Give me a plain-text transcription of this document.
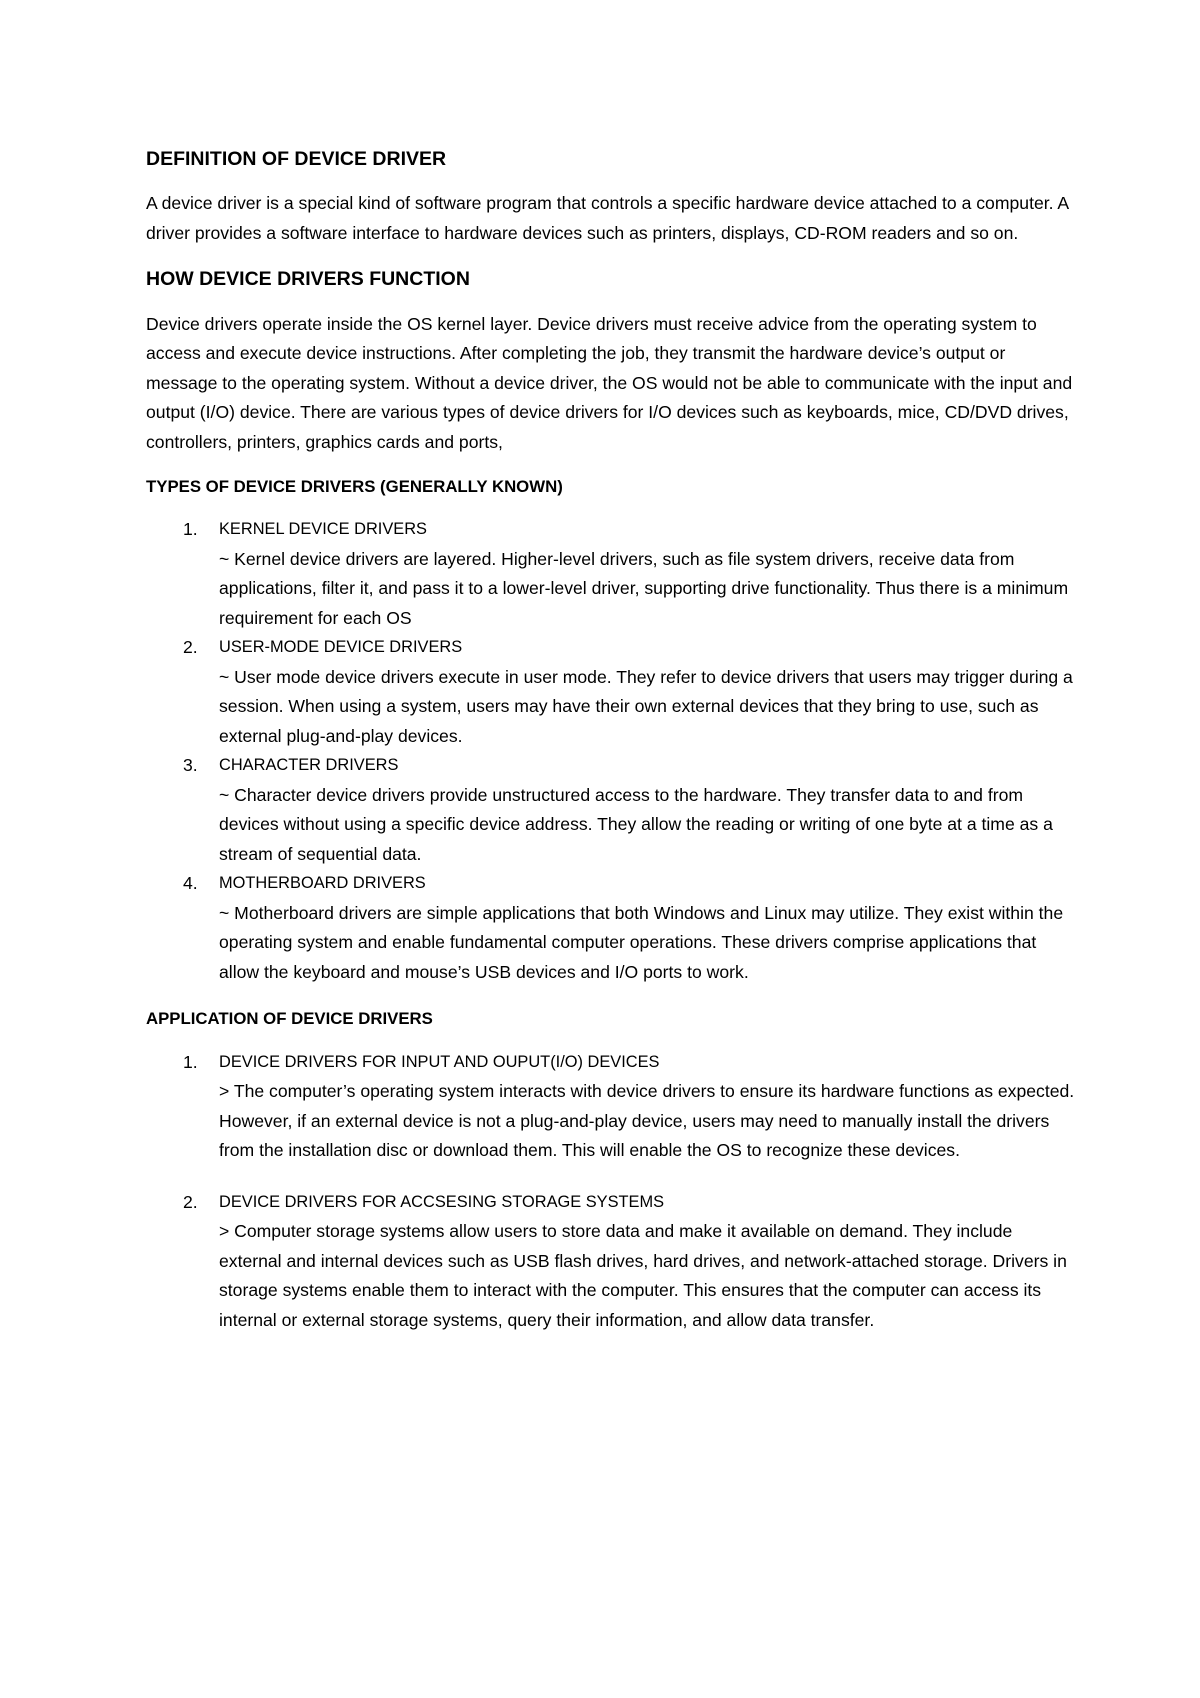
DEFINITION OF DEVICE DRIVER

A device driver is a special kind of software program that controls a specific hardware device attached to a computer. A driver provides a software interface to hardware devices such as printers, displays, CD-ROM readers and so on.

HOW DEVICE DRIVERS FUNCTION

Device drivers operate inside the OS kernel layer. Device drivers must receive advice from the operating system to access and execute device instructions. After completing the job, they transmit the hardware device’s output or message to the operating system. Without a device driver, the OS would not be able to communicate with the input and output (I/O) device. There are various types of device drivers for I/O devices such as keyboards, mice, CD/DVD drives, controllers, printers, graphics cards and ports,

TYPES OF DEVICE DRIVERS (GENERALLY KNOWN)
1. KERNEL DEVICE DRIVERS
~ Kernel device drivers are layered. Higher-level drivers, such as file system drivers, receive data from applications, filter it, and pass it to a lower-level driver, supporting drive functionality. Thus there is a minimum requirement for each OS
2. USER-MODE DEVICE DRIVERS
~ User mode device drivers execute in user mode. They refer to device drivers that users may trigger during a session. When using a system, users may have their own external devices that they bring to use, such as external plug-and-play devices.
3. CHARACTER DRIVERS
~ Character device drivers provide unstructured access to the hardware. They transfer data to and from devices without using a specific device address. They allow the reading or writing of one byte at a time as a stream of sequential data.
4. MOTHERBOARD DRIVERS
~ Motherboard drivers are simple applications that both Windows and Linux may utilize. They exist within the operating system and enable fundamental computer operations. These drivers comprise applications that allow the keyboard and mouse’s USB devices and I/O ports to work.
APPLICATION OF DEVICE DRIVERS
1. DEVICE DRIVERS FOR INPUT AND OUPUT(I/O) DEVICES
> The computer’s operating system interacts with device drivers to ensure its hardware functions as expected. However, if an external device is not a plug-and-play device, users may need to manually install the drivers from the installation disc or download them. This will enable the OS to recognize these devices.
2. DEVICE DRIVERS FOR ACCSESING STORAGE SYSTEMS
> Computer storage systems allow users to store data and make it available on demand. They include external and internal devices such as USB flash drives, hard drives, and network-attached storage. Drivers in storage systems enable them to interact with the computer. This ensures that the computer can access its internal or external storage systems, query their information, and allow data transfer.
